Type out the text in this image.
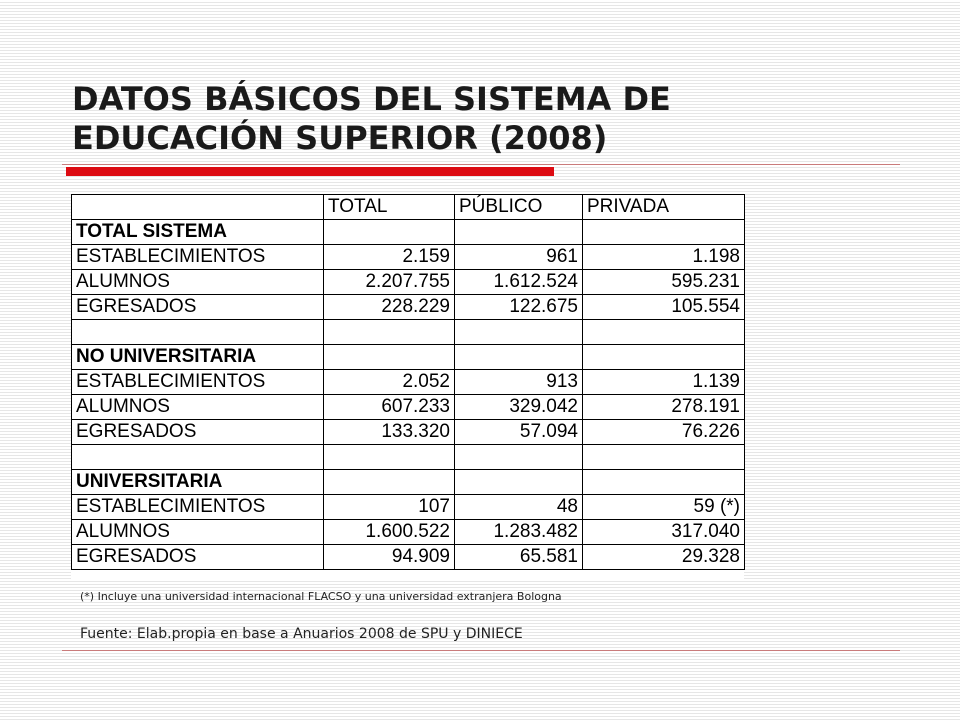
DATOS BÁSICOS DEL SISTEMA DE
EDUCACIÓN SUPERIOR (2008)
	TOTAL	PÚBLICO	PRIVADA
TOTAL SISTEMA			
ESTABLECIMIENTOS	2.159	961	1.198
ALUMNOS	2.207.755	1.612.524	595.231
EGRESADOS	228.229	122.675	105.554

NO UNIVERSITARIA			
ESTABLECIMIENTOS	2.052	913	1.139
ALUMNOS	607.233	329.042	278.191
EGRESADOS	133.320	57.094	76.226

UNIVERSITARIA			
ESTABLECIMIENTOS	107	48	59 (*)
ALUMNOS	1.600.522	1.283.482	317.040
EGRESADOS	94.909	65.581	29.328
(*) Incluye una universidad internacional FLACSO y una universidad extranjera Bologna
Fuente: Elab.propia en base a Anuarios 2008 de SPU y DINIECE
